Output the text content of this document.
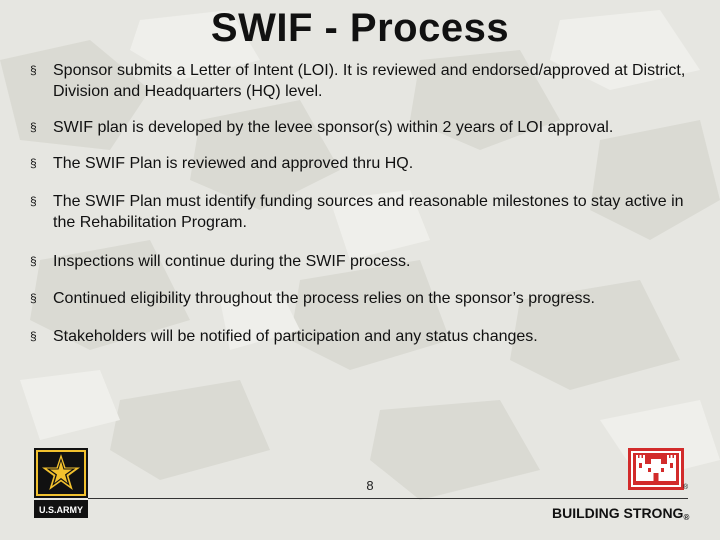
SWIF - Process
§ Sponsor submits a Letter of Intent (LOI). It is reviewed and endorsed/approved at District, Division and Headquarters (HQ) level.
§ SWIF plan is developed by the levee sponsor(s) within 2 years of LOI approval.
§ The SWIF Plan is reviewed and approved thru HQ.
§ The SWIF Plan must identify funding sources and reasonable milestones to stay active in the Rehabilitation Program.
§ Inspections will continue during the SWIF process.
§ Continued eligibility throughout the process relies on the sponsor’s progress.
§ Stakeholders will be notified of participation and any status changes.
U.S.ARMY
®
8
BUILDING STRONG®
